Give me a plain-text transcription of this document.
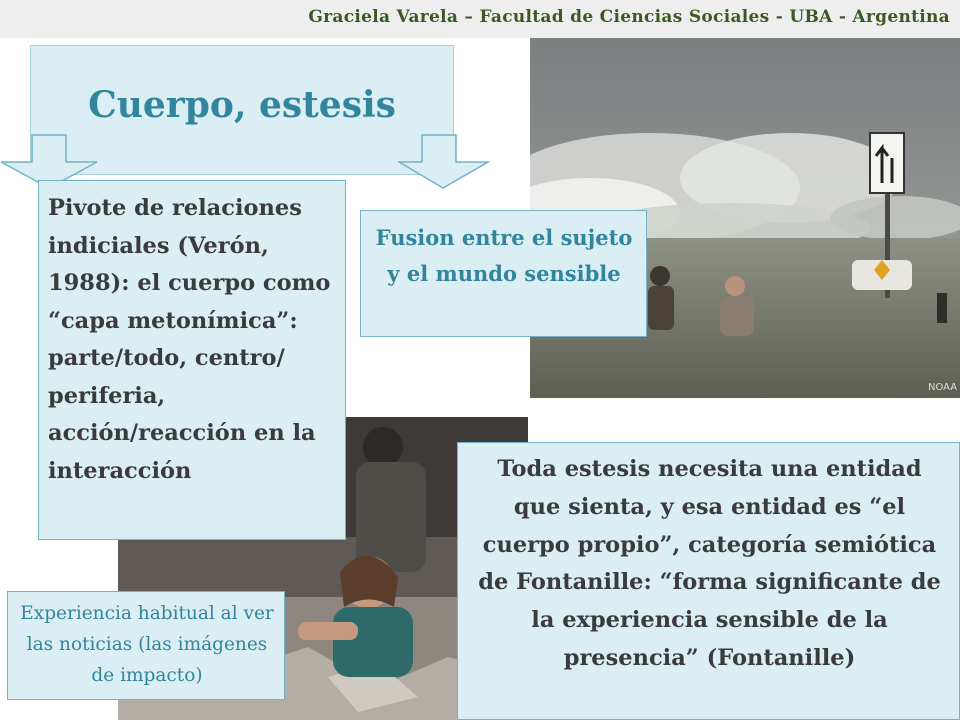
Graciela Varela – Facultad de Ciencias Sociales - UBA - Argentina
NOAA
Cuerpo, estesis
Pivote de relaciones indiciales (Verón, 1988): el cuerpo como “capa metonímica”: parte/todo, centro/ periferia, acción/reacción en la interacción
Fusion entre el sujeto y el mundo sensible
Toda estesis necesita una entidad que sienta, y esa entidad es “el cuerpo propio”, categoría semiótica de Fontanille: “forma significante de la experiencia sensible de la presencia” (Fontanille)
Experiencia habitual al ver las noticias (las imágenes de impacto)
